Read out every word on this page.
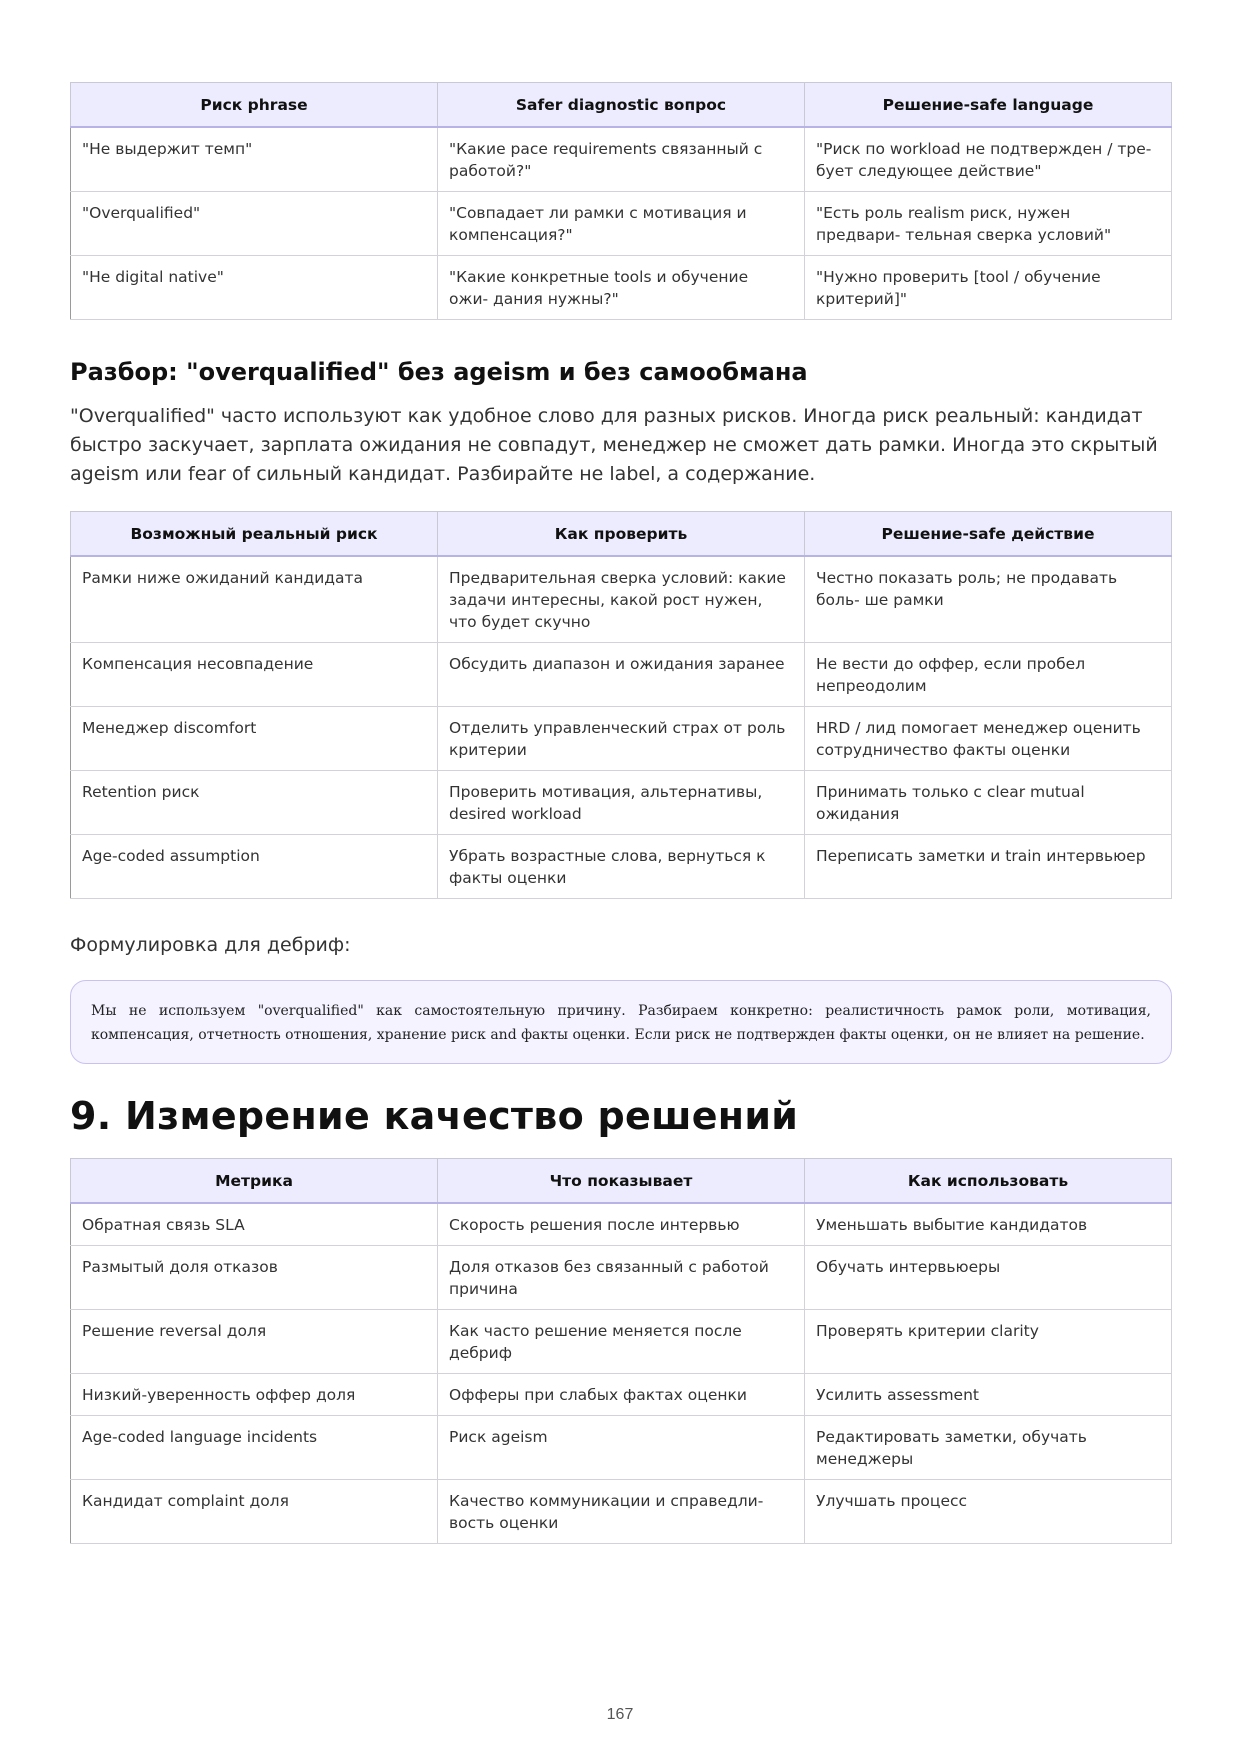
Риск phrase	Safer diagnostic вопрос	Решение-safe language
"Не выдержит темп"	"Какие pace requirements связанный с работой?"	"Риск по workload не подтвержден / тре- бует следующее действие"
"Overqualified"	"Совпадает ли рамки с мотивация и компенсация?"	"Есть роль realism риск, нужен предвари- тельная сверка условий"
"Не digital native"	"Какие конкретные tools и обучение ожи- дания нужны?"	"Нужно проверить [tool / обучение критерий]"
Разбор: "overqualified" без ageism и без самообмана

"Overqualified" часто используют как удобное слово для разных рисков. Иногда риск реальный: кандидат быстро заскучает, зарплата ожидания не совпадут, менеджер не сможет дать рамки. Иногда это скрытый ageism или fear of сильный кандидат. Разбирайте не label, а содержание.

Возможный реальный риск	Как проверить	Решение-safe действие
Рамки ниже ожиданий кандидата	Предварительная сверка условий: какие задачи интересны, какой рост нужен, что будет скучно	Честно показать роль; не продавать боль- ше рамки
Компенсация несовпадение	Обсудить диапазон и ожидания заранее	Не вести до оффер, если пробел непреодолим
Менеджер discomfort	Отделить управленческий страх от роль критерии	HRD / лид помогает менеджер оценить сотрудничество факты оценки
Retention риск	Проверить мотивация, альтернативы, desired workload	Принимать только с clear mutual ожидания
Age-coded assumption	Убрать возрастные слова, вернуться к факты оценки	Переписать заметки и train интервьюер

Формулировка для дебриф:

Мы не используем "overqualified" как самостоятельную причину. Разбираем конкретно: реалистичность рамок роли, мотивация, компенсация, отчетность отношения, хранение риск and факты оценки. Если риск не подтвержден факты оценки, он не влияет на решение.
9. Измерение качество решений
Метрика	Что показывает	Как использовать
Обратная связь SLA	Скорость решения после интервью	Уменьшать выбытие кандидатов
Размытый доля отказов	Доля отказов без связанный с работой причина	Обучать интервьюеры
Решение reversal доля	Как часто решение меняется после дебриф	Проверять критерии clarity
Низкий-уверенность оффер доля	Офферы при слабых фактах оценки	Усилить assessment
Age-coded language incidents	Риск ageism	Редактировать заметки, обучать менеджеры
Кандидат complaint доля	Качество коммуникации и справедли- вость оценки	Улучшать процесс
167
